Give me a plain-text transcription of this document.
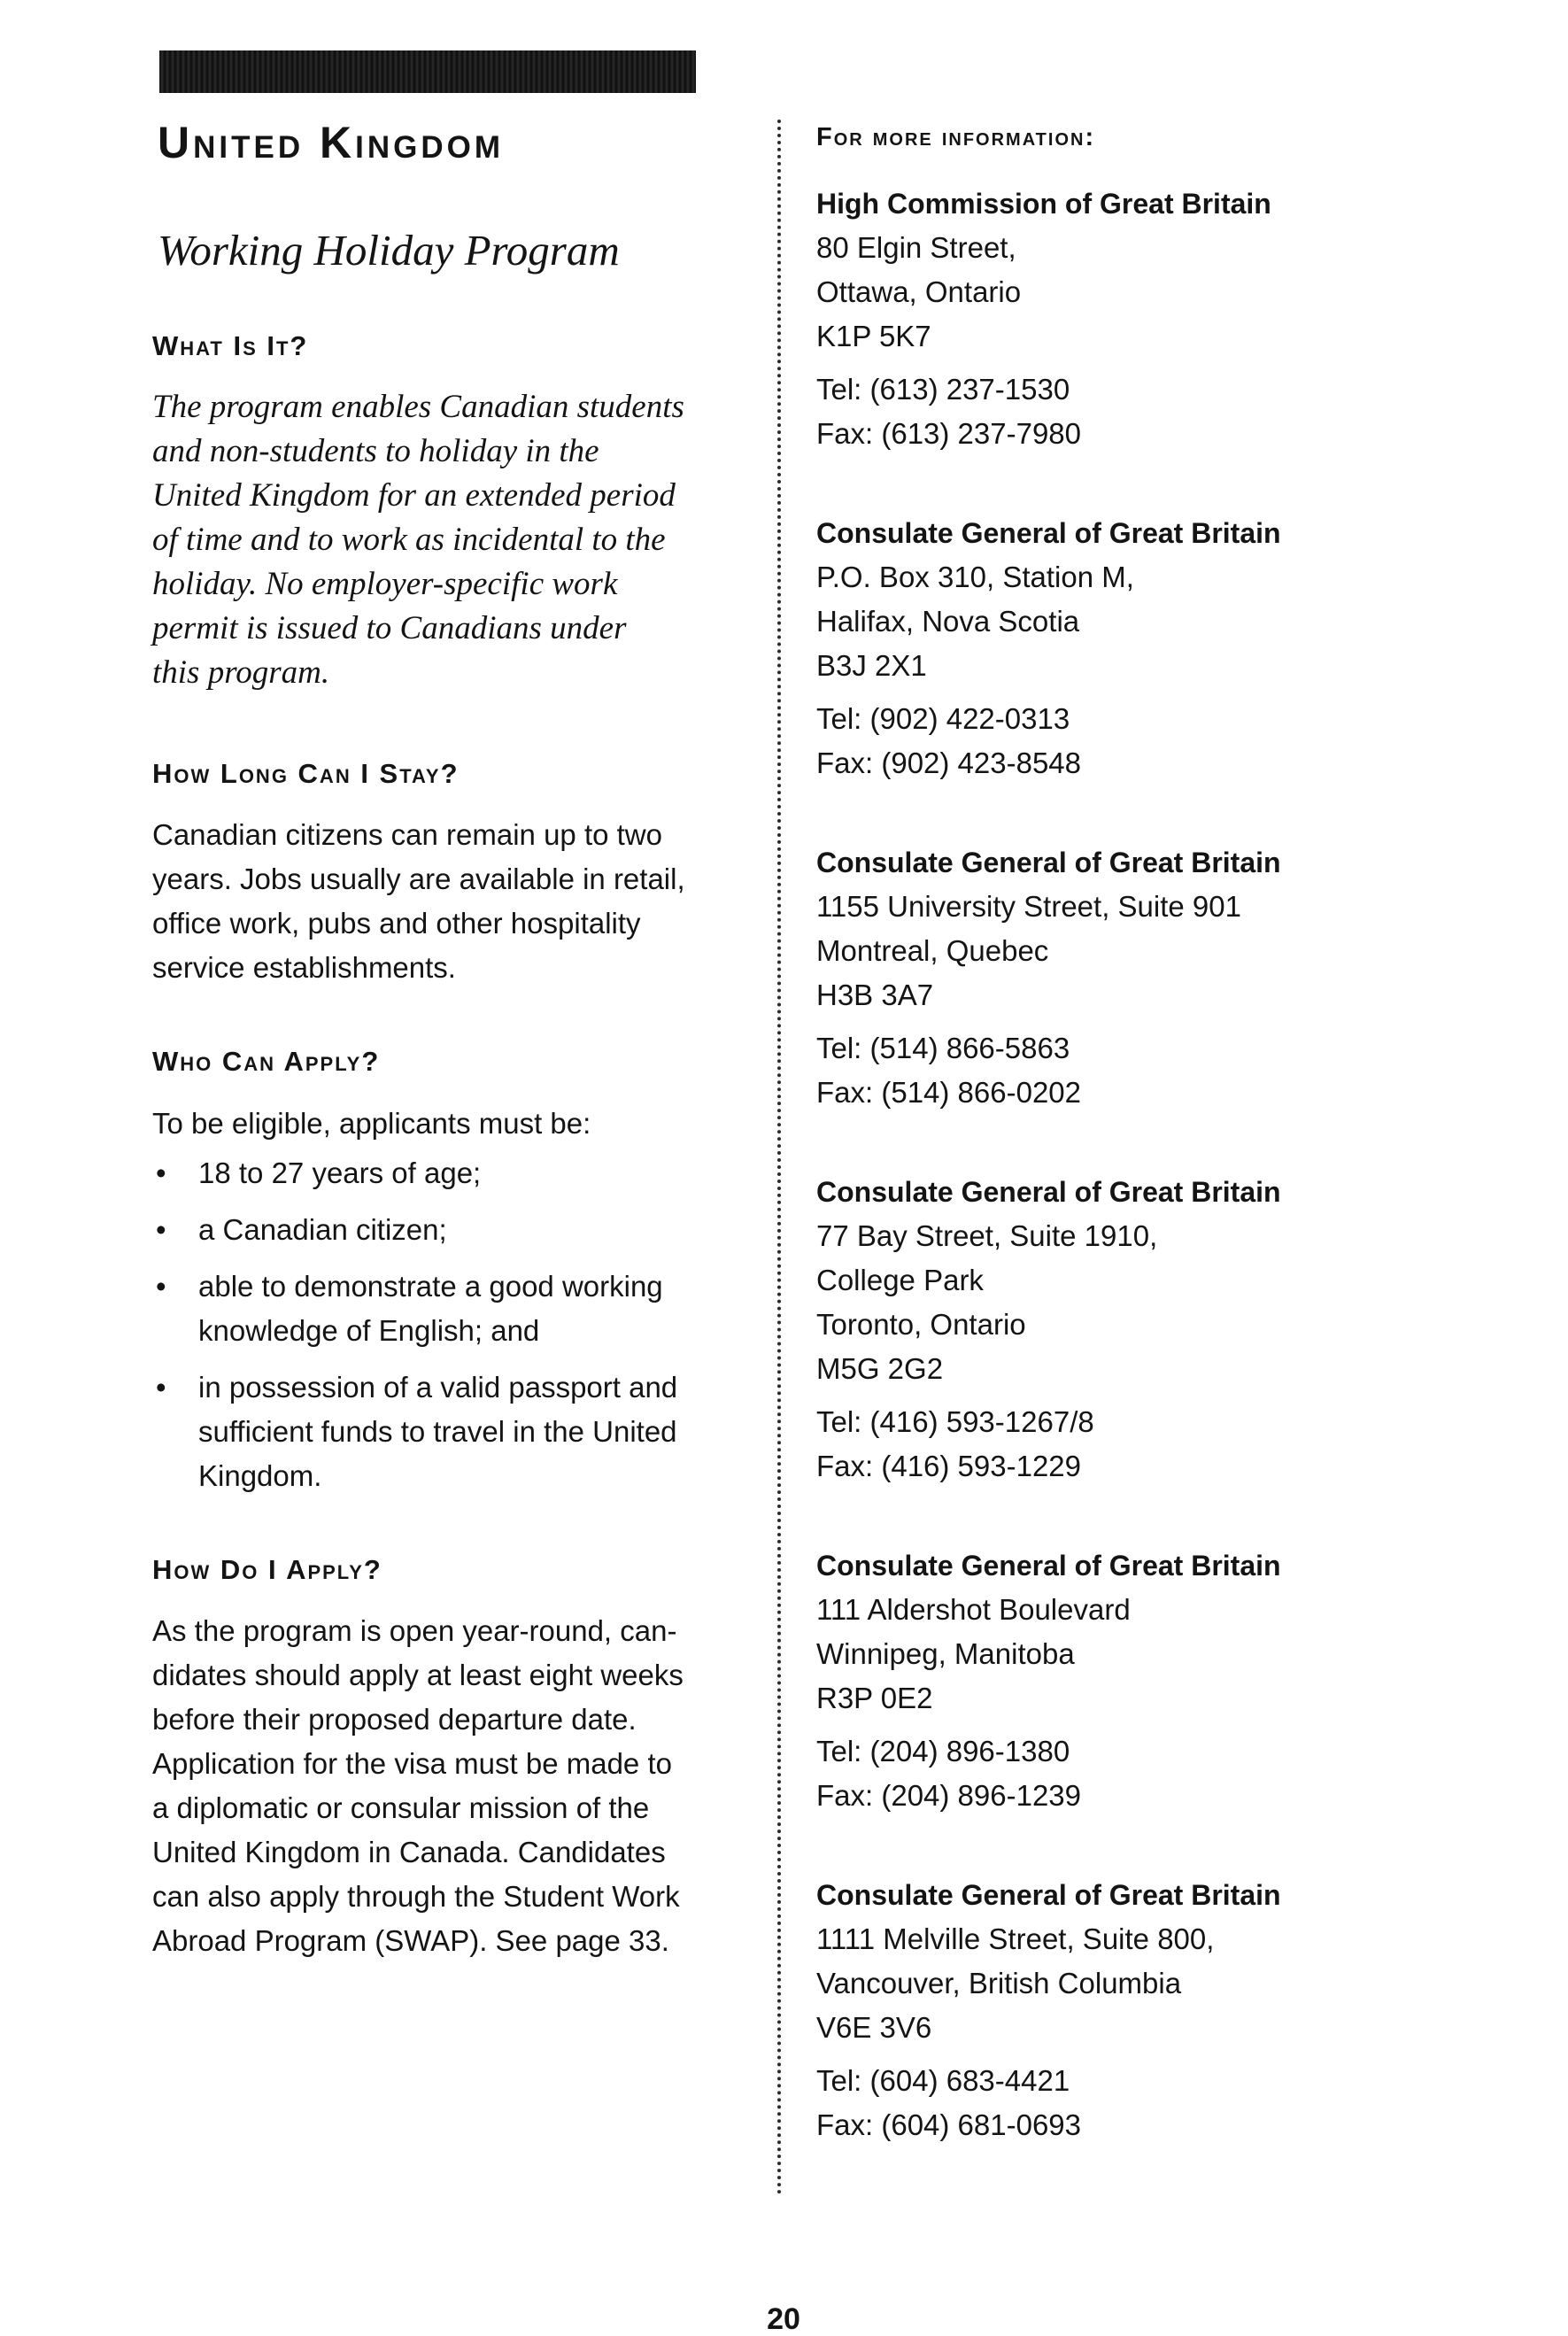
United Kingdom
Working Holiday Program
What Is It?
The program enables Canadian students
and non-students to holiday in the
United Kingdom for an extended period
of time and to work as incidental to the
holiday. No employer-specific work
permit is issued to Canadians under
this program.
How Long Can I Stay?
Canadian citizens can remain up to two
years. Jobs usually are available in retail,
office work, pubs and other hospitality
service establishments.
Who Can Apply?
To be eligible, applicants must be:
• 18 to 27 years of age;
• a Canadian citizen;
• able to demonstrate a good working
knowledge of English; and
• in possession of a valid passport and
sufficient funds to travel in the United
Kingdom.
How Do I Apply?
As the program is open year-round, can-
didates should apply at least eight weeks
before their proposed departure date.
Application for the visa must be made to
a diplomatic or consular mission of the
United Kingdom in Canada. Candidates
can also apply through the Student Work
Abroad Program (SWAP). See page 33.
For more information:
High Commission of Great Britain
80 Elgin Street,
Ottawa, Ontario
K1P 5K7
Tel: (613) 237-1530
Fax: (613) 237-7980
Consulate General of Great Britain
P.O. Box 310, Station M,
Halifax, Nova Scotia
B3J 2X1
Tel: (902) 422-0313
Fax: (902) 423-8548
Consulate General of Great Britain
1155 University Street, Suite 901
Montreal, Quebec
H3B 3A7
Tel: (514) 866-5863
Fax: (514) 866-0202
Consulate General of Great Britain
77 Bay Street, Suite 1910,
College Park
Toronto, Ontario
M5G 2G2
Tel: (416) 593-1267/8
Fax: (416) 593-1229
Consulate General of Great Britain
111 Aldershot Boulevard
Winnipeg, Manitoba
R3P 0E2
Tel: (204) 896-1380
Fax: (204) 896-1239
Consulate General of Great Britain
1111 Melville Street, Suite 800,
Vancouver, British Columbia
V6E 3V6
Tel: (604) 683-4421
Fax: (604) 681-0693
20
